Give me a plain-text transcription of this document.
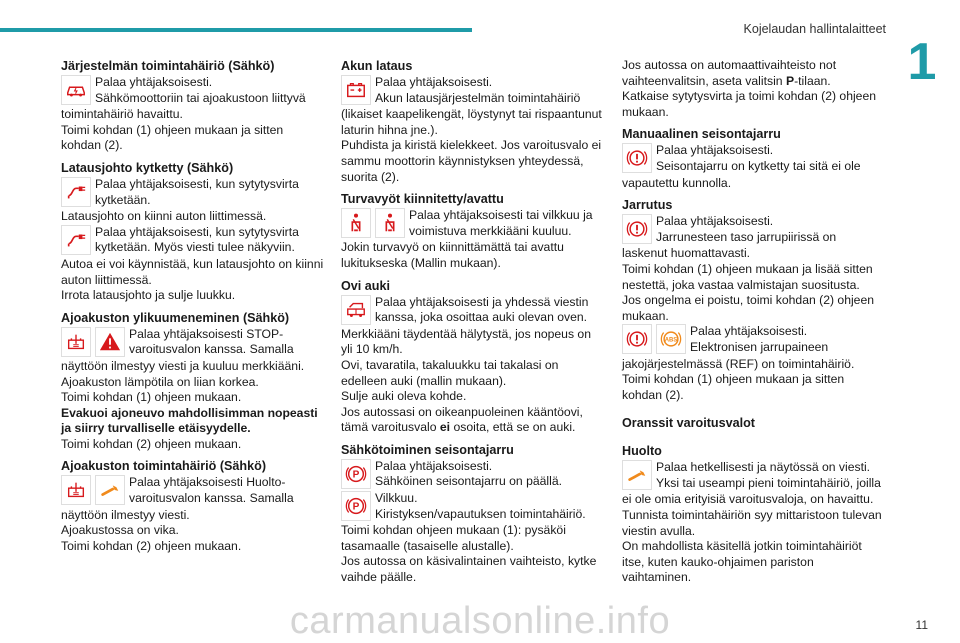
Kojelaudan hallintalaitteet
1
11
carmanualsonline.info
Järjestelmän toimintahäiriö (Sähkö)

Palaa yhtäjaksoisesti.
Sähkömoottoriin tai ajoakustoon liittyvä

toimintahäiriö havaittu.
Toimi kohdan (1) ohjeen mukaan ja sitten kohdan (2).

Latausjohto kytketty (Sähkö)

Palaa yhtäjaksoisesti, kun sytytysvirta kytketään.

Latausjohto on kiinni auton liittimessä.

Palaa yhtäjaksoisesti, kun sytytysvirta kytketään. Myös viesti tulee näkyviin.

Autoa ei voi käynnistää, kun latausjohto on kiinni auton liittimessä.
Irrota latausjohto ja sulje luukku.

Ajoakuston ylikuumeneminen (Sähkö)

Palaa yhtäjaksoisesti STOP-varoitusvalon kanssa. Samalla

näyttöön ilmestyy viesti ja kuuluu merkkiääni.
Ajoakuston lämpötila on liian korkea.
Toimi kohdan (1) ohjeen mukaan.

Evakuoi ajoneuvo mahdollisimman nopeasti ja siirry turvalliselle etäisyydelle.

Toimi kohdan (2) ohjeen mukaan.

Ajoakuston toimintahäiriö (Sähkö)

Palaa yhtäjaksoisesti Huolto-varoitusvalon kanssa. Samalla

näyttöön ilmestyy viesti.
Ajoakustossa on vika.
Toimi kohdan (2) ohjeen mukaan.

Akun lataus

Palaa yhtäjaksoisesti.
Akun latausjärjestelmän toimintahäiriö

(likaiset kaapelikengät, löystynyt tai rispaantunut laturin hihna jne.).
Puhdista ja kiristä kielekkeet. Jos varoitusvalo ei sammu moottorin käynnistyksen yhteydessä, suorita (2).

Turvavyöt kiinnitetty/avattu

Palaa yhtäjaksoisesti tai vilkkuu ja voimistuva merkkiääni kuuluu.

Jokin turvavyö on kiinnittämättä tai avattu lukitukseska (Mallin mukaan).

Ovi auki

Palaa yhtäjaksoisesti ja yhdessä viestin kanssa, joka osoittaa auki olevan oven.

Merkkiääni täydentää hälytystä, jos nopeus on yli 10 km/h.
Ovi, tavaratila, takaluukku tai takalasi on edelleen auki (mallin mukaan).
Sulje auki oleva kohde.
Jos autossasi on oikeanpuoleinen kääntöovi, tämä varoitusvalo ei osoita, että se on auki.

Sähkötoiminen seisontajarru
P

Palaa yhtäjaksoisesti.
Sähköinen seisontajarru on päällä.

P

Vilkkuu.
Kiristyksen/vapautuksen toimintahäiriö.

Toimi kohdan ohjeen mukaan (1): pysäköi tasamaalle (tasaiselle alustalle).
Jos autossa on käsivalintainen vaihteisto, kytke vaihde päälle.

Jos autossa on automaattivaihteisto not vaihteenvalitsin, aseta valitsin P-tilaan.
Katkaise sytytysvirta ja toimi kohdan (2) ohjeen mukaan.

Manuaalinen seisontajarru

Palaa yhtäjaksoisesti.
Seisontajarru on kytketty tai sitä ei ole

vapautettu kunnolla.

Jarrutus

Palaa yhtäjaksoisesti.
Jarrunesteen taso jarrupiirissä on

laskenut huomattavasti.
Toimi kohdan (1) ohjeen mukaan ja lisää sitten nestettä, joka vastaa valmistajan suositusta.
Jos ongelma ei poistu, toimi kohdan (2) ohjeen mukaan.

ABS

Palaa yhtäjaksoisesti.
Elektronisen jarrupaineen

jakojärjestelmässä (REF) on toimintahäiriö.
Toimi kohdan (1) ohjeen mukaan ja sitten kohdan (2).

Oranssit varoitusvalot
Huolto

Palaa hetkellisesti ja näytössä on viesti.
Yksi tai useampi pieni toimintahäiriö, joilla

ei ole omia erityisiä varoitusvaloja, on havaittu.
Tunnista toimintahäiriön syy mittaristoon tulevan viestin avulla.
On mahdollista käsitellä jotkin toimintahäiriöt itse, kuten kauko-ohjaimen pariston vaihtaminen.
